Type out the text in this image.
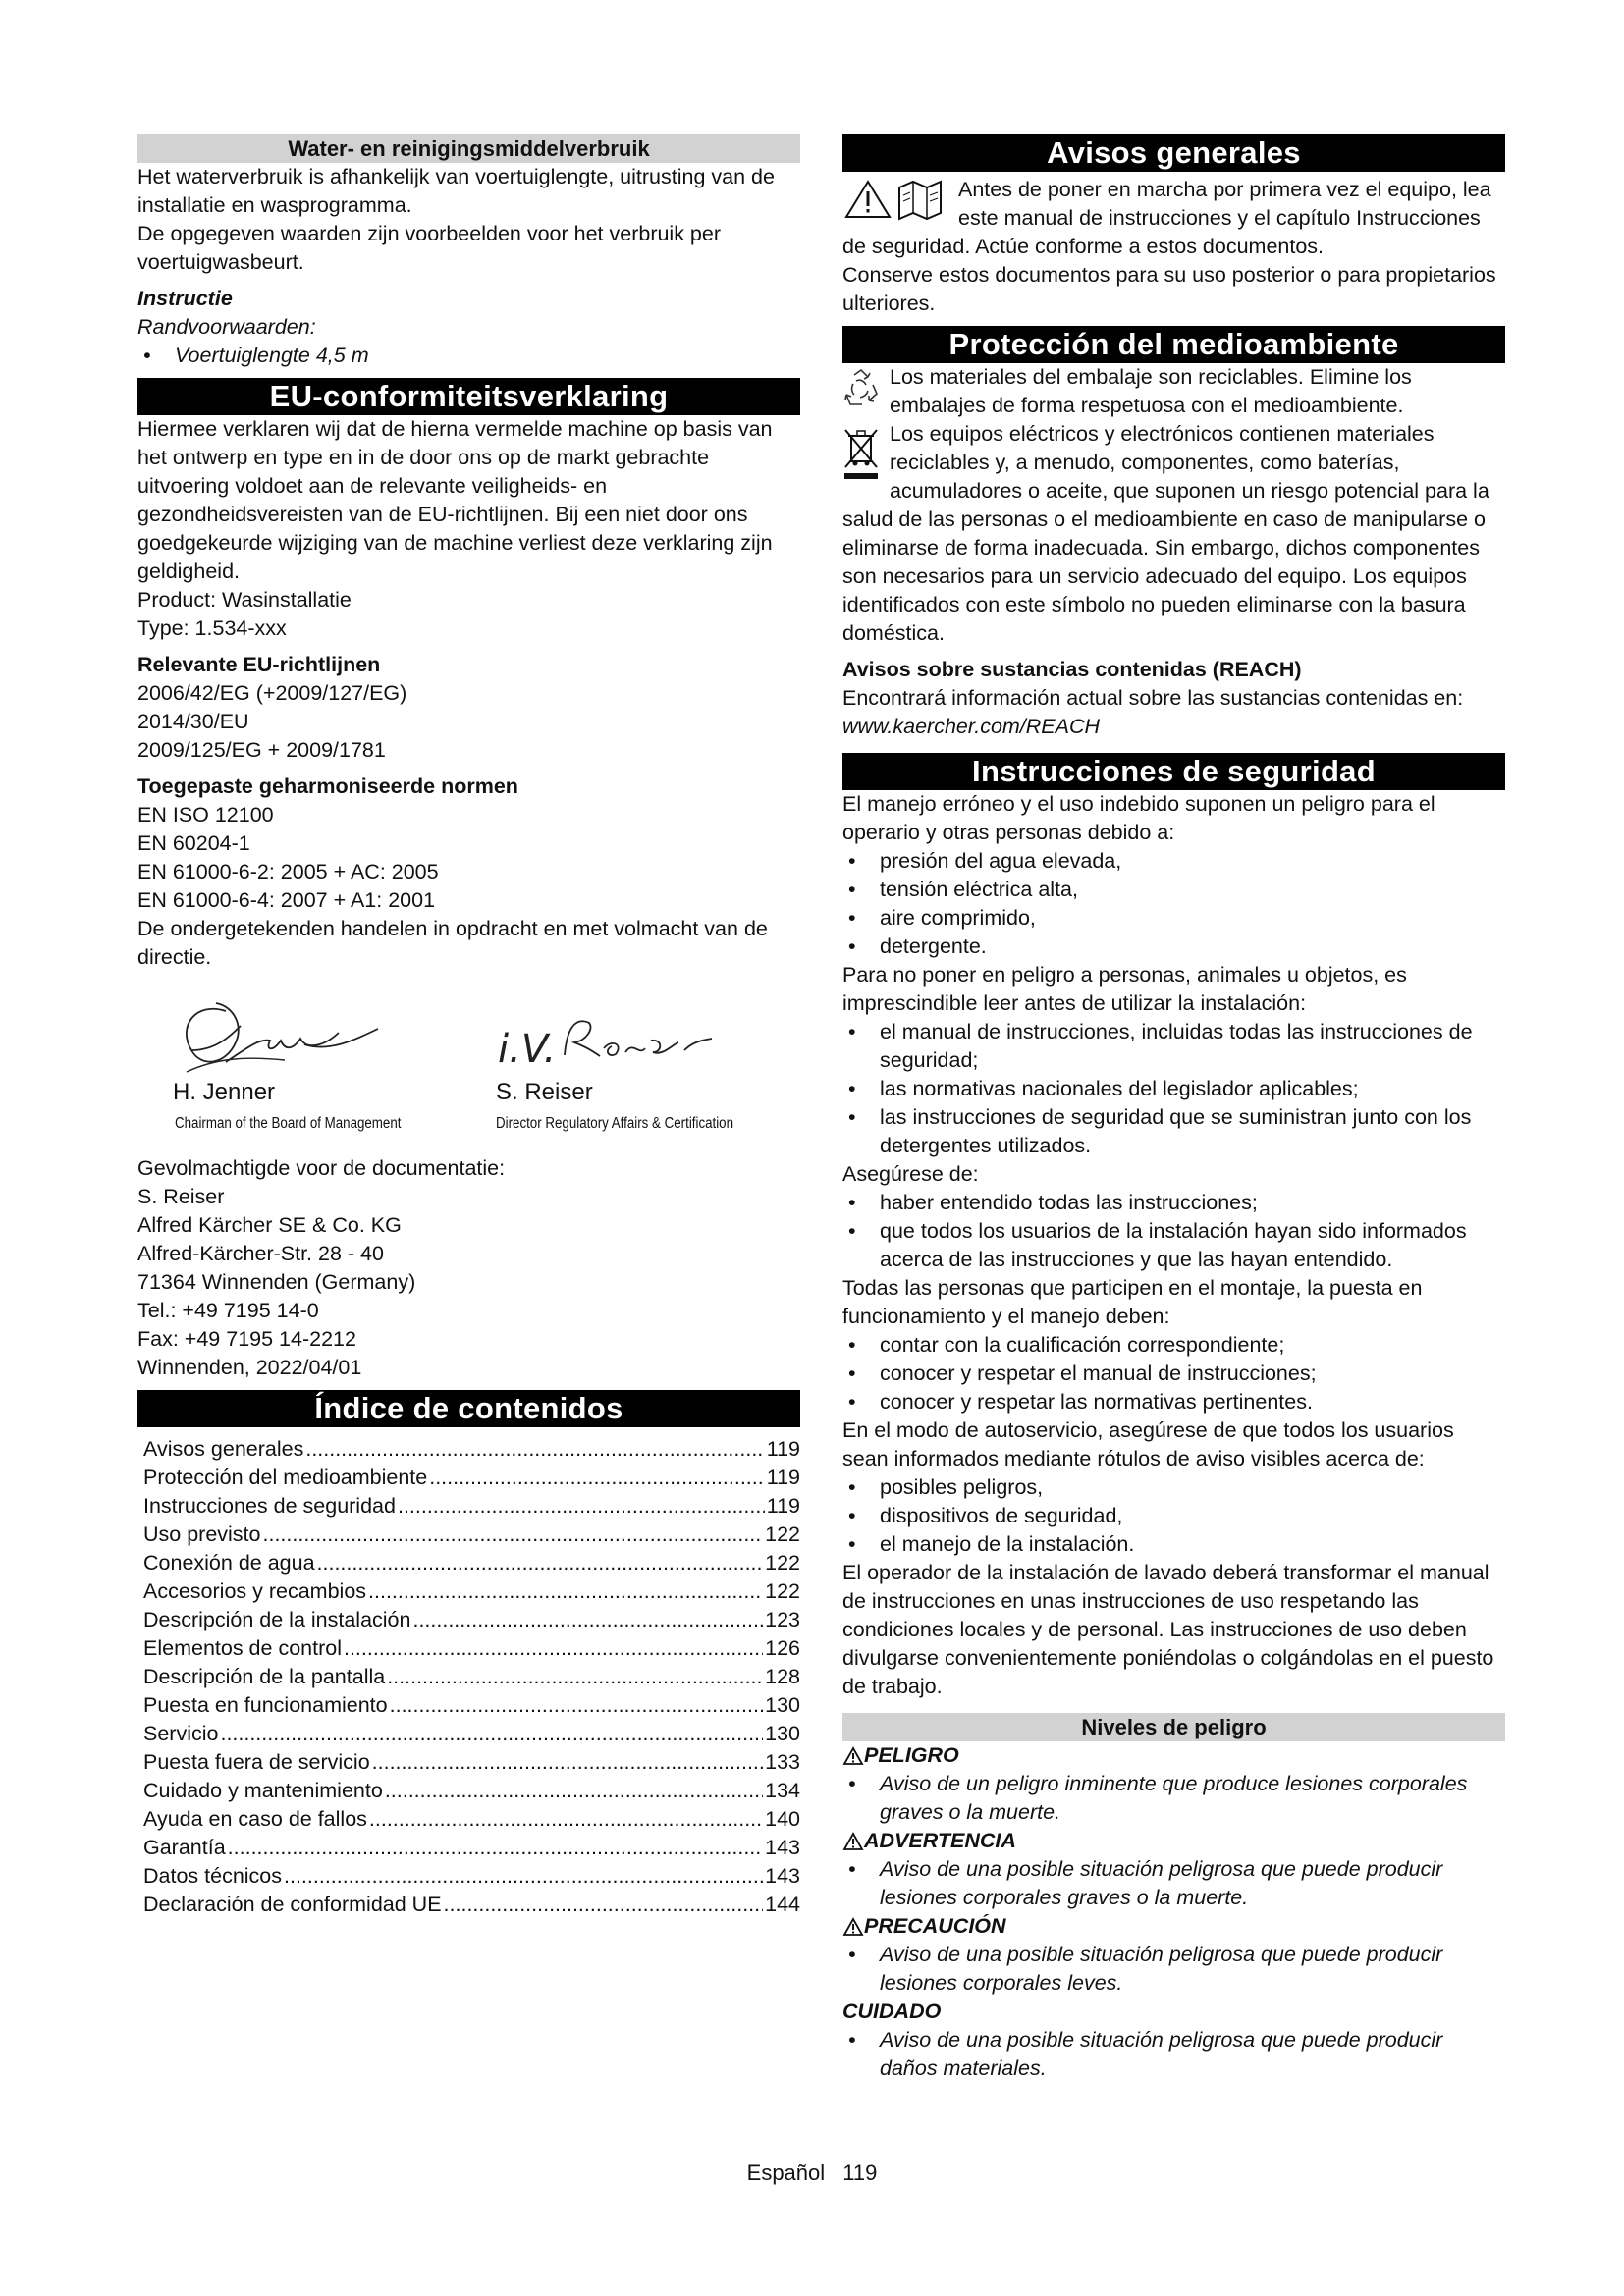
Water- en reinigingsmiddelverbruik

Het waterverbruik is afhankelijk van voertuiglengte, uitrusting van de installatie en wasprogramma.

De opgegeven waarden zijn voorbeelden voor het verbruik per voertuigwasbeurt.

Instructie

Randvoorwaarden:

• Voertuiglengte 4,5 m
EU-conformiteitsverklaring

Hiermee verklaren wij dat de hierna vermelde machine op basis van het ontwerp en type en in de door ons op de markt gebrachte uitvoering voldoet aan de relevante veiligheids- en gezondheidsvereisten van de EU-richtlijnen. Bij een niet door ons goedgekeurde wijziging van de machine verliest deze verklaring zijn geldigheid.

Product: Wasinstallatie

Type: 1.534-xxx

Relevante EU-richtlijnen

2006/42/EG (+2009/127/EG)

2014/30/EU

2009/125/EG + 2009/1781

Toegepaste geharmoniseerde normen

EN ISO 12100

EN 60204-1

EN 61000-6-2: 2005 + AC: 2005

EN 61000-6-4: 2007 + A1: 2001

De ondergetekenden handelen in opdracht en met volmacht van de directie.

i.V.
H. Jenner
Chairman of the Board of Management
S. Reiser
Director Regulatory Affairs & Certification

Gevolmachtigde voor de documentatie:

S. Reiser

Alfred Kärcher SE & Co. KG

Alfred-Kärcher-Str. 28 - 40

71364 Winnenden (Germany)

Tel.: +49 7195 14-0

Fax: +49 7195 14-2212

Winnenden, 2022/04/01

Índice de contenidos
Avisos generales .....	119
Protección del medioambiente .....	119
Instrucciones de seguridad .....	119
Uso previsto .....	122
Conexión de agua .....	122
Accesorios y recambios .....	122
Descripción de la instalación .....	123
Elementos de control .....	126
Descripción de la pantalla .....	128
Puesta en funcionamiento .....	130
Servicio .....	130
Puesta fuera de servicio .....	133
Cuidado y mantenimiento .....	134
Ayuda en caso de fallos .....	140
Garantía .....	143
Datos técnicos .....	143
Declaración de conformidad UE .....	144
Avisos generales

Antes de poner en marcha por primera vez el equipo, lea este manual de instrucciones y el capítulo Instrucciones de seguridad. Actúe conforme a estos documentos.

Conserve estos documentos para su uso posterior o para propietarios ulteriores.

Protección del medioambiente

Los materiales del embalaje son reciclables. Elimine los embalajes de forma respetuosa con el medioambiente.

Los equipos eléctricos y electrónicos contienen materiales reciclables y, a menudo, componentes, como baterías, acumuladores o aceite, que suponen un riesgo potencial para la salud de las personas o el medioambiente en caso de manipularse o eliminarse de forma inadecuada. Sin embargo, dichos componentes son necesarios para un servicio adecuado del equipo. Los equipos identificados con este símbolo no pueden eliminarse con la basura doméstica.

Avisos sobre sustancias contenidas (REACH)

Encontrará información actual sobre las sustancias contenidas en: www.kaercher.com/REACH

Instrucciones de seguridad

El manejo erróneo y el uso indebido suponen un peligro para el operario y otras personas debido a:

• presión del agua elevada,
• tensión eléctrica alta,
• aire comprimido,
• detergente.

Para no poner en peligro a personas, animales u objetos, es imprescindible leer antes de utilizar la instalación:

• el manual de instrucciones, incluidas todas las instrucciones de seguridad;
• las normativas nacionales del legislador aplicables;
• las instrucciones de seguridad que se suministran junto con los detergentes utilizados.

Asegúrese de:

• haber entendido todas las instrucciones;
• que todos los usuarios de la instalación hayan sido informados acerca de las instrucciones y que las hayan entendido.

Todas las personas que participen en el montaje, la puesta en funcionamiento y el manejo deben:

• contar con la cualificación correspondiente;
• conocer y respetar el manual de instrucciones;
• conocer y respetar las normativas pertinentes.

En el modo de autoservicio, asegúrese de que todos los usuarios sean informados mediante rótulos de aviso visibles acerca de:

• posibles peligros,
• dispositivos de seguridad,
• el manejo de la instalación.

El operador de la instalación de lavado deberá transformar el manual de instrucciones en unas instrucciones de uso respetando las condiciones locales y de personal. Las instrucciones de uso deben divulgarse convenientemente poniéndolas o colgándolas en el puesto de trabajo.

Niveles de peligro

PELIGRO

• Aviso de un peligro inminente que produce lesiones corporales graves o la muerte.

ADVERTENCIA

• Aviso de una posible situación peligrosa que puede producir lesiones corporales graves o la muerte.

PRECAUCIÓN

• Aviso de una posible situación peligrosa que puede producir lesiones corporales leves.

CUIDADO

• Aviso de una posible situación peligrosa que puede producir daños materiales.
Español 119
